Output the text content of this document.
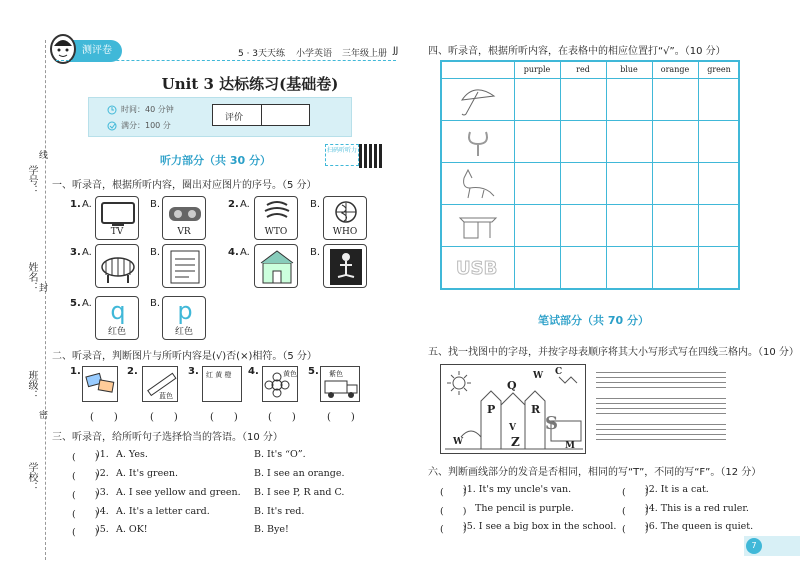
学号：
姓名：
班级：
学校：
线
封
密
测评卷	5 · 3天天练 小学英语 三年级上册 JJ
Unit 3 达标练习(基础卷)
时间：40 分钟
满分：100 分
评价
扫码听听力
听力部分（共 30 分）
一、听录音，根据所听内容，圈出对应图片的序号。（5 分）
1. A.
TV
B.
VR
2. A.
WTO
B.
WHO
3. A.	B.	4. A.	B.
5. A. q
红色
B. p
红色
二、听录音，判断图片与所听内容是(√)否(×)相符。（5 分）
1.
(　　)
2.
蓝色
(　　)
3. 红 黄 橙
(　　)
4.	黄色
(　　)
5. 紫色
(　　)
三、听录音，给所听句子选择恰当的答语。（10 分）
(　　)
)1. A. Yes.	B. It's “O”.
(　　)
)2. A. It's green.	B. I see an orange.
(　　)
)3. A. I see yellow and green. B. I see P, R and C.
(　　)
)4. A. It's a letter card.	B. It's red.
(　　)
)5. A. OK!	B. Bye!
四、听录音，根据所听内容，在表格中的相应位置打“√”。（10 分）
purple	red	blue	orange	green
USB
笔试部分（共 70 分）
五、找一找图中的字母，并按字母表顺序将其大小写形式写在四线三格内。（10 分）
P
Q
R
S
V
W
Z
C
W	M
六、判断画线部分的发音是否相同，相同的写“T”，不同的写“F”。（12 分）
(　　)
)1. It's my uncle's van.	(　　)
)2. It is a cat.
(　　) The pencil is purple.	(　　)
)4. This is a red ruler.
(　　)
)5. I see a big box in the school. (　　)
)6. The queen is quiet.
7
